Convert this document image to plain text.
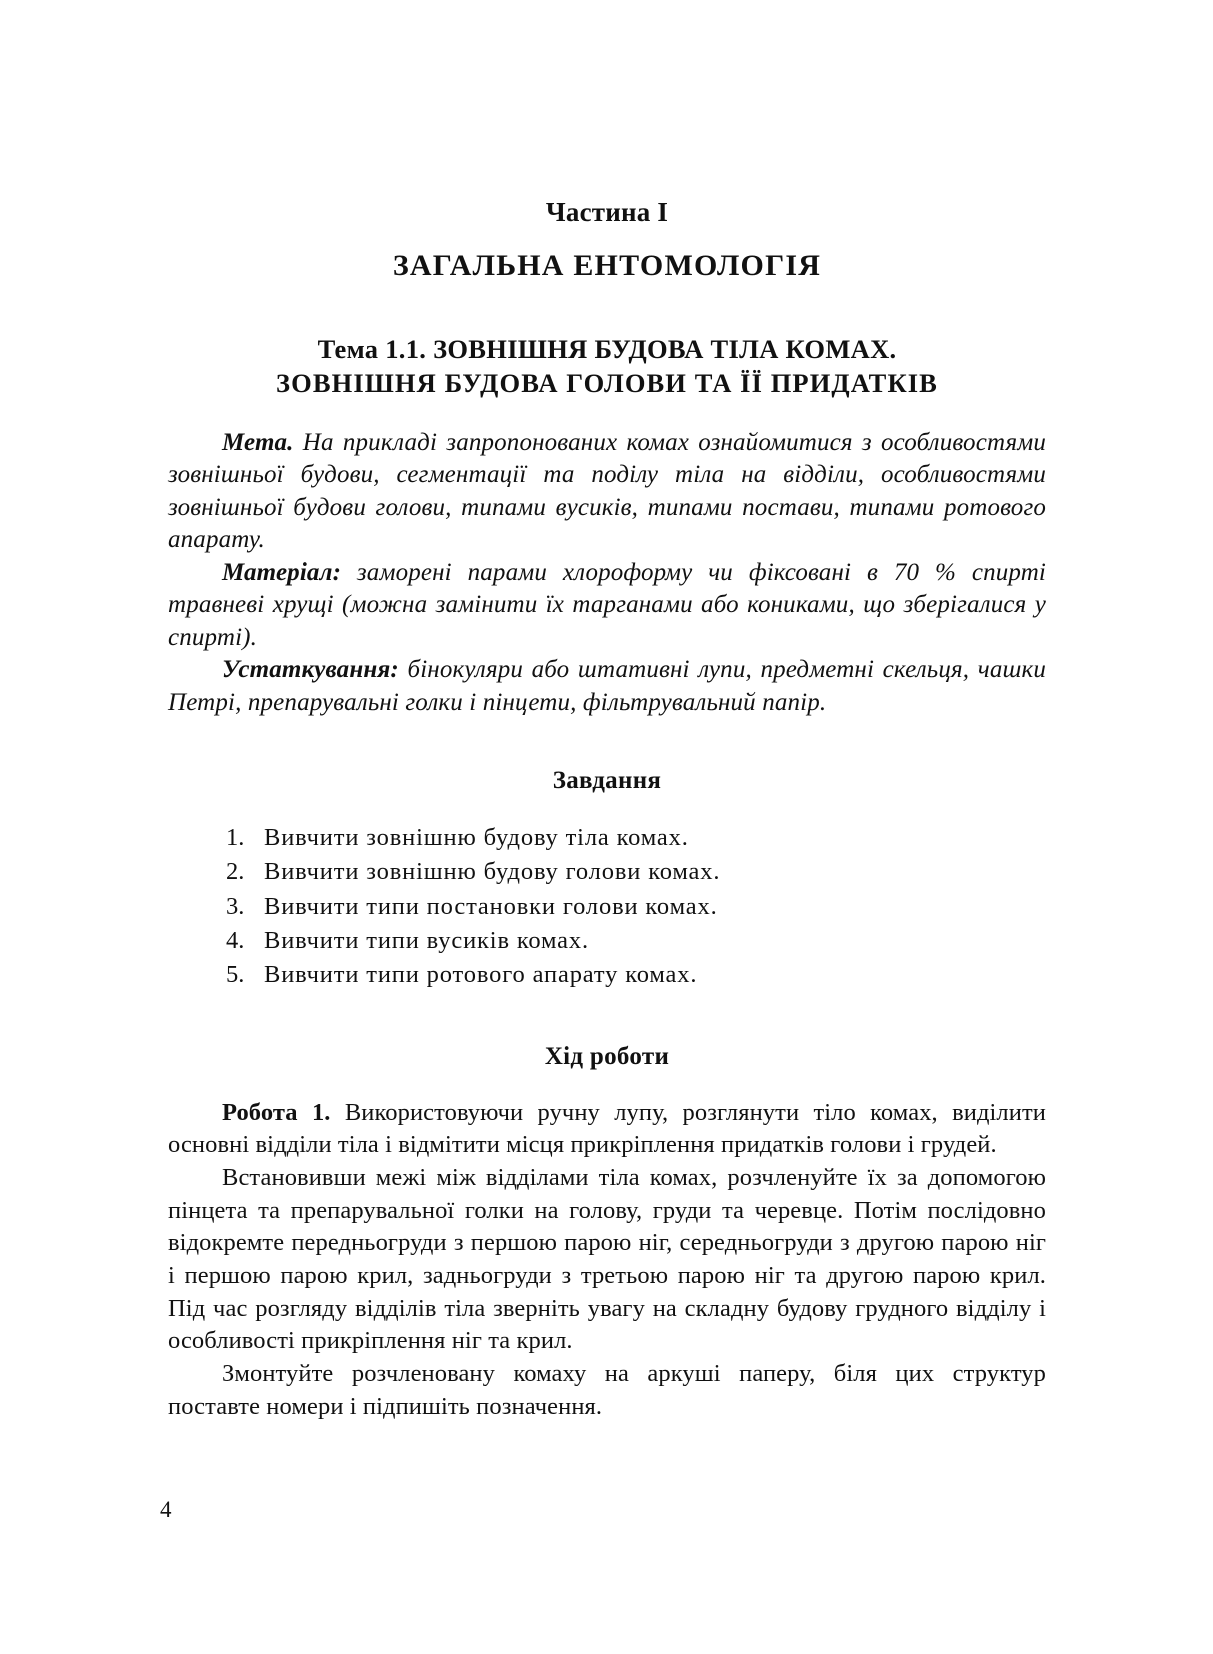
Частина I
ЗАГАЛЬНА ЕНТОМОЛОГІЯ
Тема 1.1. ЗОВНІШНЯ БУДОВА ТІЛА КОМАХ.
ЗОВНІШНЯ БУДОВА ГОЛОВИ ТА ЇЇ ПРИДАТКІВ

Мета. На прикладі запропонованих комах ознайомитися з особливостями зовнішньої будови, сегментації та поділу тіла на відділи, особливостями зовнішньої будови голови, типами вусиків, типами постави, типами ротового апарату.

Матеріал: заморені парами хлороформу чи фіксовані в 70 % спирті травневі хрущі (можна замінити їх тарганами або кониками, що зберігалися у спирті).

Устаткування: бінокуляри або штативні лупи, предметні скельця, чашки Петрі, препарувальні голки і пінцети, фільтрувальний папір.

Завдання
1. Вивчити зовнішню будову тіла комах.
2. Вивчити зовнішню будову голови комах.
3. Вивчити типи постановки голови комах.
4. Вивчити типи вусиків комах.
5. Вивчити типи ротового апарату комах.
Хід роботи

Робота 1. Використовуючи ручну лупу, розглянути тіло комах, виділити основні відділи тіла і відмітити місця прикріплення придатків голови і грудей.

Встановивши межі між відділами тіла комах, розчленуйте їх за допомогою пінцета та препарувальної голки на голову, груди та черевце. Потім послідовно відокремте передньогруди з першою парою ніг, середньогруди з другою парою ніг і першою парою крил, задньогруди з третьою парою ніг та другою парою крил. Під час розгляду відділів тіла зверніть увагу на складну будову грудного відділу і особливості прикріплення ніг та крил.

Змонтуйте розчленовану комаху на аркуші паперу, біля цих структур поставте номери і підпишіть позначення.

4
